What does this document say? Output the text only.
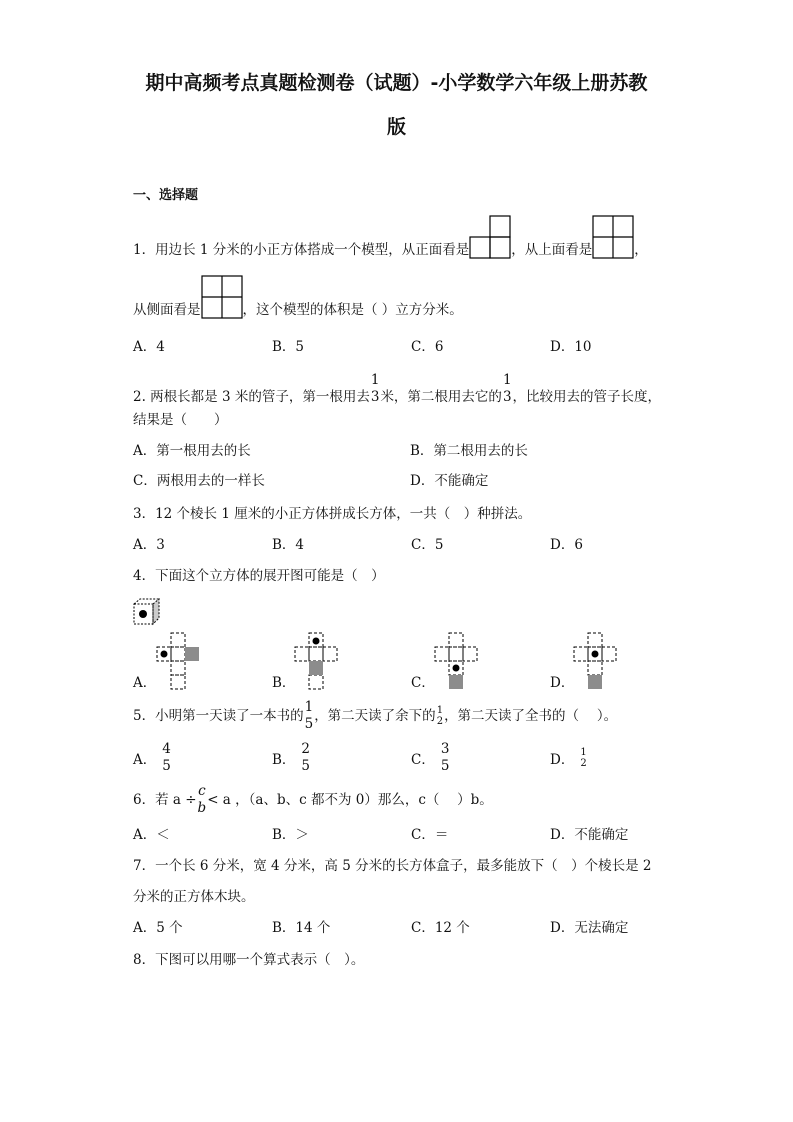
期中高频考点真题检测卷（试题）-小学数学六年级上册苏教
版
一、选择题
1．用边长 1 分米的小正方体搭成一个模型，从正面看是	，从上面看是	，
从侧面看是	，这个模型的体积是（ ）立方分米。
A．4	B．5	C．6	D．10
2. 两根长都是 3 米的管子，第一根用去
1
3 米，第二根用去它的
1
3 ，比较用去的管子长度，
结果是（　　）
A．第一根用去的长	B．第二根用去的长
C．两根用去的一样长	D．不能确定
3．12 个棱长 1 厘米的小正方体拼成长方体，一共（　）种拼法。
A．3	B．4	C．5	D．6
4．下面这个立方体的展开图可能是（　）
A．	B．	C．	D．
5．小明第一天读了一本书的
1
5 ，第二天读了余下的 1
2 ，第二天读了全书的（　 ）。
A．
4
5	B．
2
5	C．
3
5	D． 1
2
6．若 a ÷
c
b < a ，（a、b、c 都不为 0）那么，c（　 ）b。
A．＜	B．＞	C．＝	D．不能确定
7．一个长 6 分米，宽 4 分米，高 5 分米的长方体盒子，最多能放下（　）个棱长是 2
分米的正方体木块。
A．5 个	B．14 个	C．12 个	D．无法确定
8．下图可以用哪一个算式表示（　）。
